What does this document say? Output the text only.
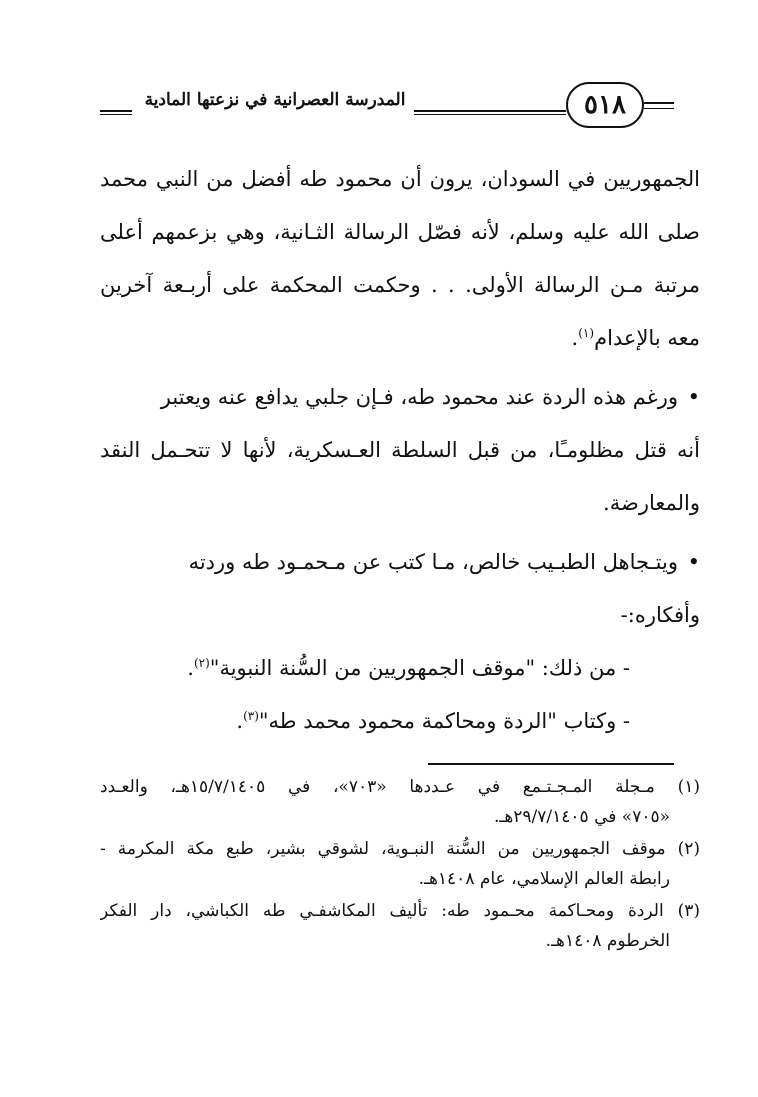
المدرسة العصرانية في نزعتها المادية	٥١٨

الجمهوريين في السودان، يرون أن محمود طه أفضل من النبي محمد
صلى الله عليه وسلم، لأنه فصّل الرسالة الثـانية، وهي بزعمهم أعلى
مرتبة مـن الرسالة الأولى. . . وحكمت المحكمة على أربـعة آخرين
معه بالإعدام$^{(١)}$.

•ورغم هذه الردة عند محمود طه، فـإن جلبي يدافع عنه ويعتبر
أنه قتل مظلومـًا، من قبل السلطة العـسكرية، لأنها لا تتحـمل النقد
والمعارضة.

•ويتـجاهل الطبـيب خالص، مـا كتب عن مـحمـود طه وردته
وأفكاره:-

- من ذلك: "موقف الجمهوريين من السُّنة النبوية"$^{(٢)}$.

- وكتاب "الردة ومحاكمة محمود محمد طه"$^{(٣)}$.

(١) مـجلة المـجـتـمع في عـددها «٧٠٣»، في ١٥/٧/١٤٠٥هـ، والعـدد
«٧٠٥» في ٢٩/٧/١٤٠٥هـ.
(٢) موقف الجمهوريين من السُّنة النبـوية، لشوقي بشير، طبع مكة المكرمة -
رابطة العالم الإسلامي، عام ١٤٠٨هـ.
(٣) الردة ومحـاكمة محـمود طه: تأليف المكاشفـي طه الكباشي، دار الفكر
الخرطوم ١٤٠٨هـ.
